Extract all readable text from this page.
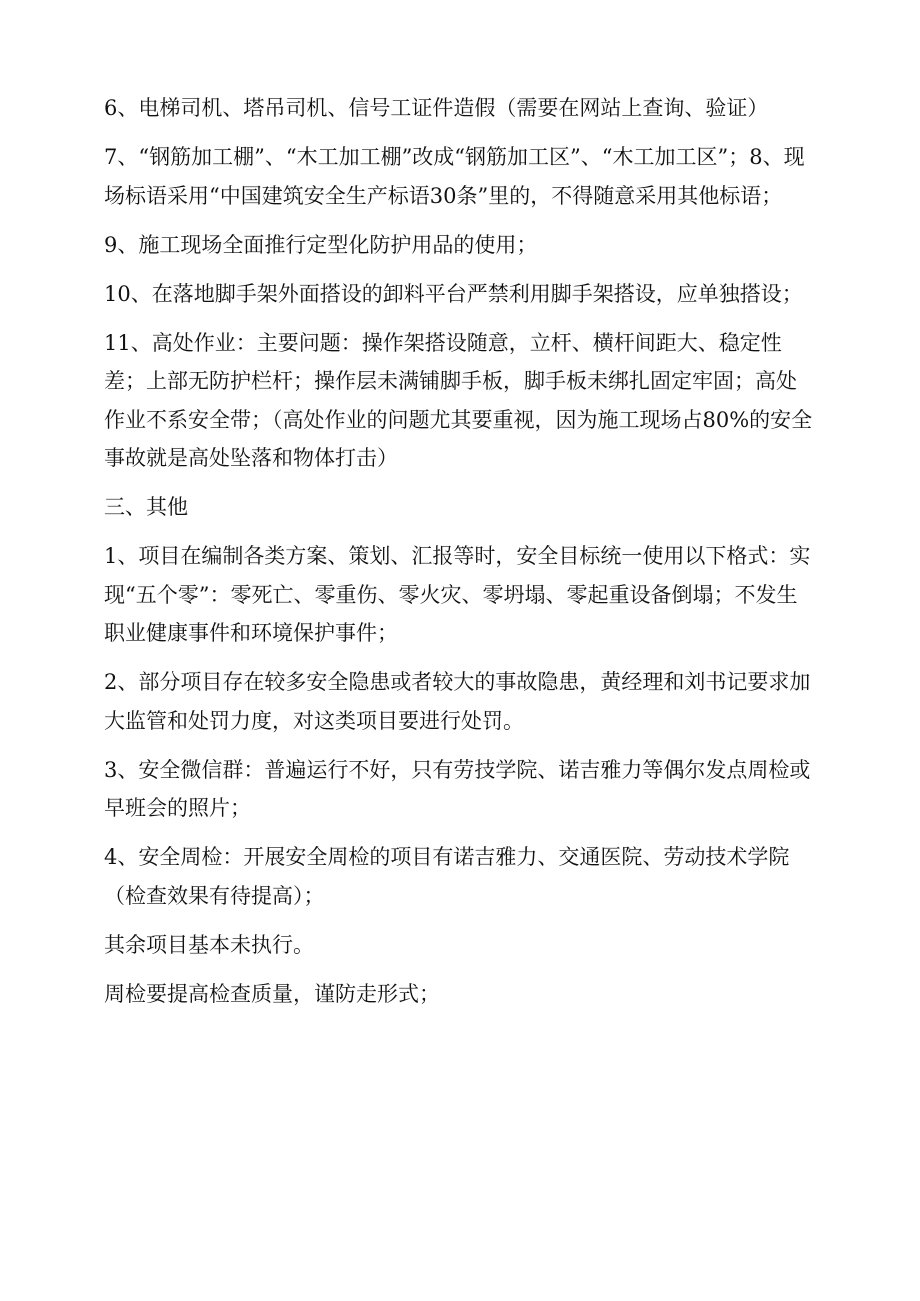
6、电梯司机、塔吊司机、信号工证件造假（需要在网站上查询、验证）

7、“钢筋加工棚”、“木工加工棚”改成“钢筋加工区”、“木工加工区”；8、现场标语采用“中国建筑安全生产标语30条”里的，不得随意采用其他标语；

9、施工现场全面推行定型化防护用品的使用；

10、在落地脚手架外面搭设的卸料平台严禁利用脚手架搭设，应单独搭设；

11、高处作业：主要问题：操作架搭设随意，立杆、横杆间距大、稳定性差；上部无防护栏杆；操作层未满铺脚手板，脚手板未绑扎固定牢固；高处作业不系安全带；（高处作业的问题尤其要重视，因为施工现场占80%的安全事故就是高处坠落和物体打击）

三、其他

1、项目在编制各类方案、策划、汇报等时，安全目标统一使用以下格式：实现“五个零”：零死亡、零重伤、零火灾、零坍塌、零起重设备倒塌；不发生职业健康事件和环境保护事件；

2、部分项目存在较多安全隐患或者较大的事故隐患，黄经理和刘书记要求加大监管和处罚力度，对这类项目要进行处罚。

3、安全微信群：普遍运行不好，只有劳技学院、诺吉雅力等偶尔发点周检或早班会的照片；

4、安全周检：开展安全周检的项目有诺吉雅力、交通医院、劳动技术学院（检查效果有待提高）；

其余项目基本未执行。

周检要提高检查质量，谨防走形式；
